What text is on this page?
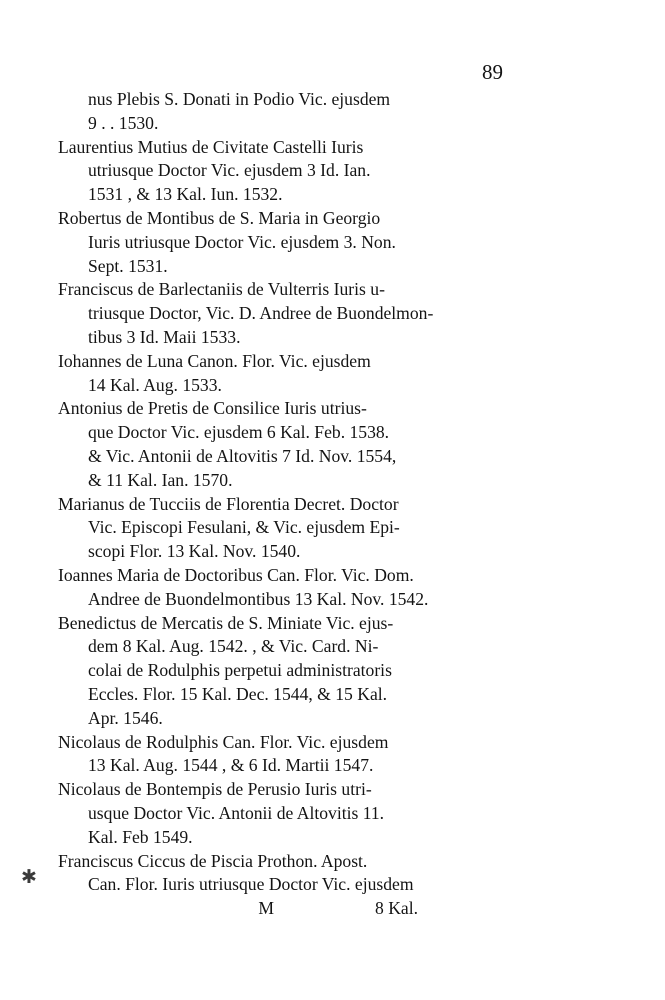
89
✱
nus Plebis S. Donati in Podio Vic. ejusdem
9 . . 1530.
Laurentius Mutius de Civitate Castelli Iuris
utriusque Doctor Vic. ejusdem 3 Id. Ian.
1531 , & 13 Kal. Iun. 1532.
Robertus de Montibus de S. Maria in Georgio
Iuris utriusque Doctor Vic. ejusdem 3. Non.
Sept. 1531.
Franciscus de Barlectaniis de Vulterris Iuris u-
triusque Doctor, Vic. D. Andree de Buondelmon-
tibus 3 Id. Maii 1533.
Iohannes de Luna Canon. Flor. Vic. ejusdem
14 Kal. Aug. 1533.
Antonius de Pretis de Consilice Iuris utrius-
que Doctor Vic. ejusdem 6 Kal. Feb. 1538.
& Vic. Antonii de Altovitis 7 Id. Nov. 1554,
& 11 Kal. Ian. 1570.
Marianus de Tucciis de Florentia Decret. Doctor
Vic. Episcopi Fesulani, & Vic. ejusdem Epi-
scopi Flor. 13 Kal. Nov. 1540.
Ioannes Maria de Doctoribus Can. Flor. Vic. Dom.
Andree de Buondelmontibus 13 Kal. Nov. 1542.
Benedictus de Mercatis de S. Miniate Vic. ejus-
dem 8 Kal. Aug. 1542. , & Vic. Card. Ni-
colai de Rodulphis perpetui administratoris
Eccles. Flor. 15 Kal. Dec. 1544, & 15 Kal.
Apr. 1546.
Nicolaus de Rodulphis Can. Flor. Vic. ejusdem
13 Kal. Aug. 1544 , & 6 Id. Martii 1547.
Nicolaus de Bontempis de Perusio Iuris utri-
usque Doctor Vic. Antonii de Altovitis 11.
Kal. Feb 1549.
Franciscus Ciccus de Piscia Prothon. Apost.
Can. Flor. Iuris utriusque Doctor Vic. ejusdem
M	8 Kal.
